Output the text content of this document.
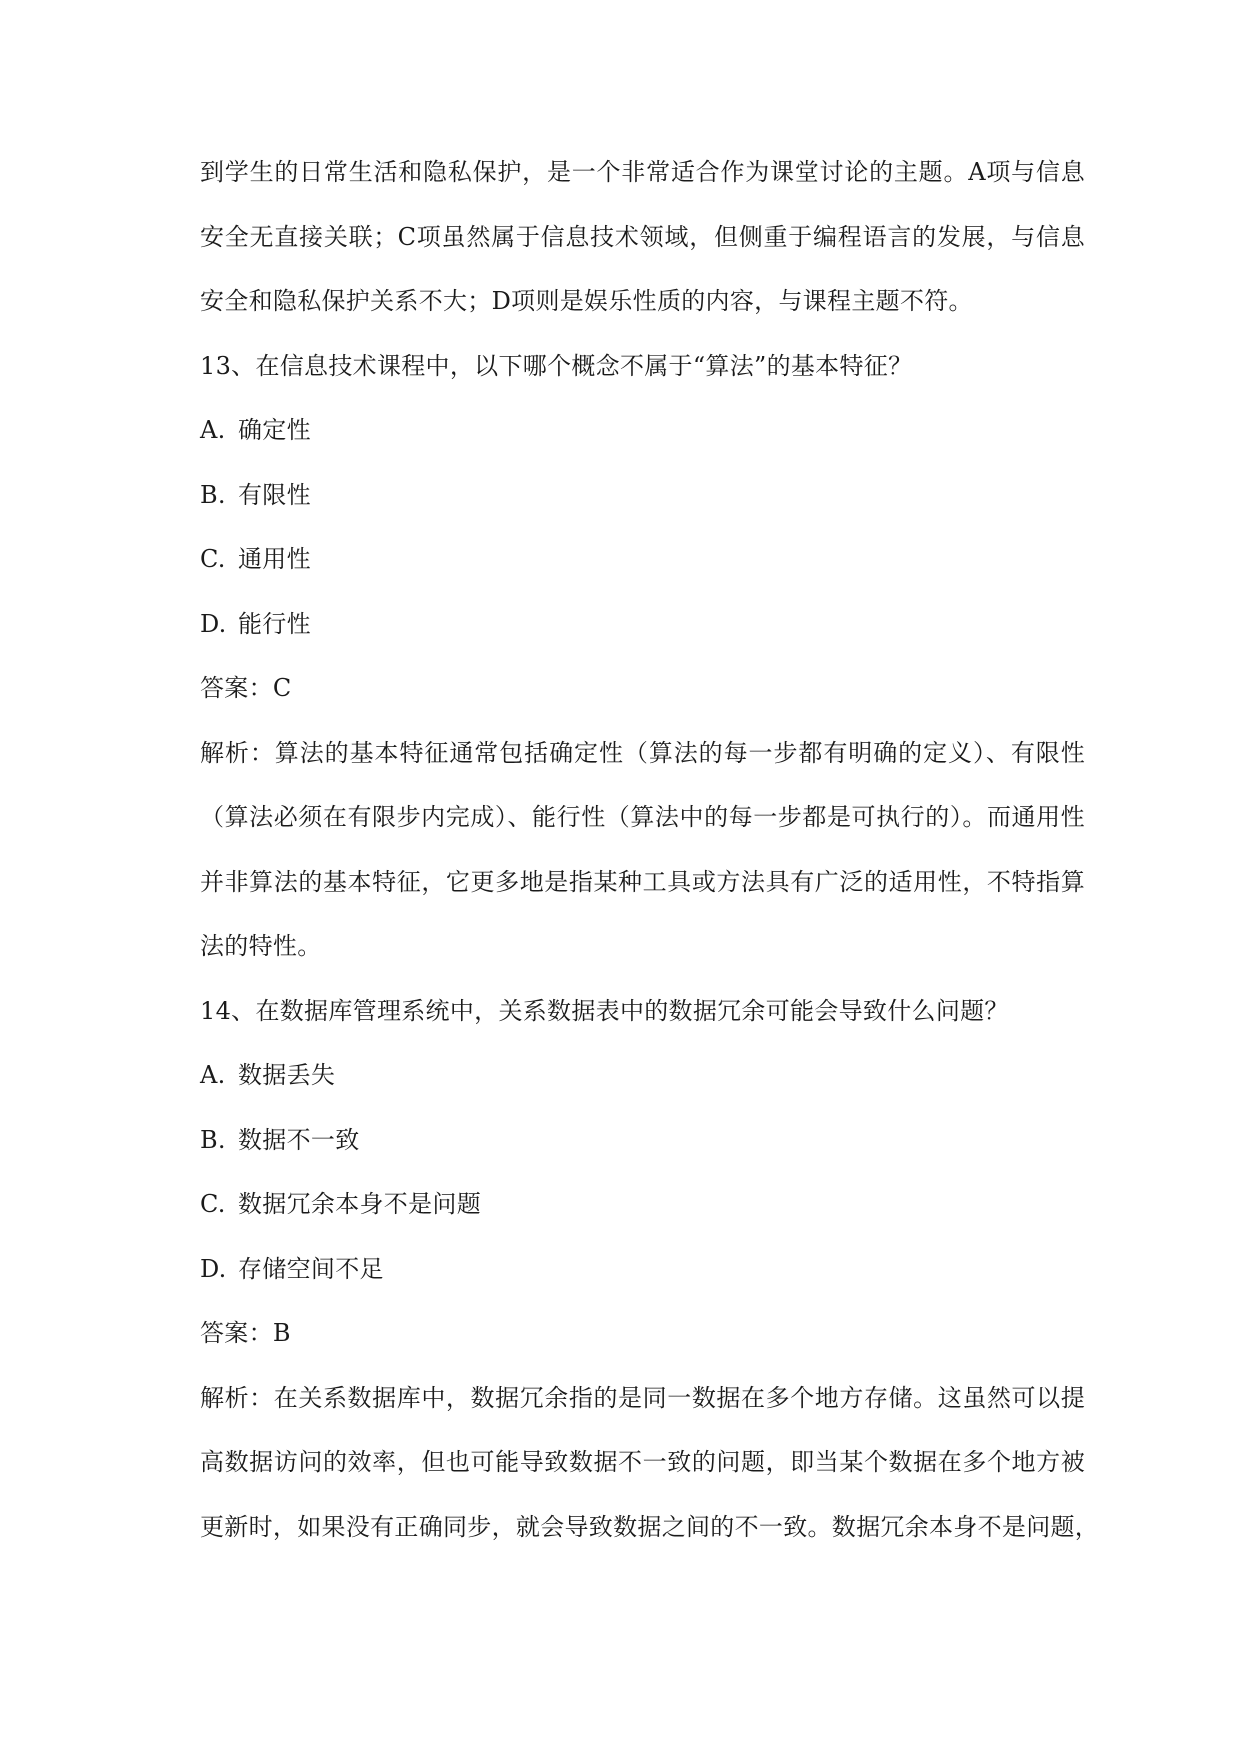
到学生的日常生活和隐私保护，是一个非常适合作为课堂讨论的主题。A项与信息
安全无直接关联；C项虽然属于信息技术领域，但侧重于编程语言的发展，与信息
安全和隐私保护关系不大；D项则是娱乐性质的内容，与课程主题不符。
13、在信息技术课程中，以下哪个概念不属于“算法”的基本特征？
A. 确定性
B. 有限性
C. 通用性
D. 能行性
答案：C
解析：算法的基本特征通常包括确定性（算法的每一步都有明确的定义）、有限性
（算法必须在有限步内完成）、能行性（算法中的每一步都是可执行的）。而通用性
并非算法的基本特征，它更多地是指某种工具或方法具有广泛的适用性，不特指算
法的特性。
14、在数据库管理系统中，关系数据表中的数据冗余可能会导致什么问题？
A. 数据丢失
B. 数据不一致
C. 数据冗余本身不是问题
D. 存储空间不足
答案：B
解析：在关系数据库中，数据冗余指的是同一数据在多个地方存储。这虽然可以提
高数据访问的效率，但也可能导致数据不一致的问题，即当某个数据在多个地方被
更新时，如果没有正确同步，就会导致数据之间的不一致。数据冗余本身不是问题，
